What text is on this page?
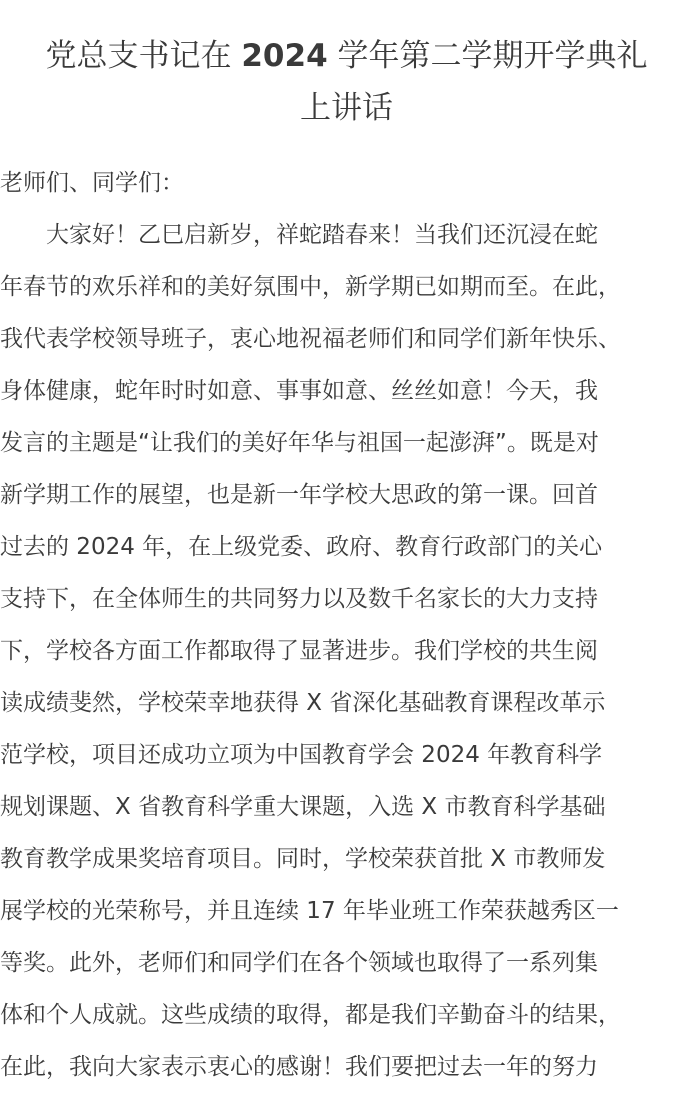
党总支书记在 2024 学年第二学期开学典礼
上讲话
老师们、同学们：
　　大家好！乙巳启新岁，祥蛇踏春来！当我们还沉浸在蛇
年春节的欢乐祥和的美好氛围中，新学期已如期而至。在此，
我代表学校领导班子，衷心地祝福老师们和同学们新年快乐、
身体健康，蛇年时时如意、事事如意、丝丝如意！今天，我
发言的主题是“让我们的美好年华与祖国一起澎湃”。既是对
新学期工作的展望，也是新一年学校大思政的第一课。回首
过去的 2024 年，在上级党委、政府、教育行政部门的关心
支持下，在全体师生的共同努力以及数千名家长的大力支持
下，学校各方面工作都取得了显著进步。我们学校的共生阅
读成绩斐然，学校荣幸地获得 X 省深化基础教育课程改革示
范学校，项目还成功立项为中国教育学会 2024 年教育科学
规划课题、X 省教育科学重大课题，入选 X 市教育科学基础
教育教学成果奖培育项目。同时，学校荣获首批 X 市教师发
展学校的光荣称号，并且连续 17 年毕业班工作荣获越秀区一
等奖。此外，老师们和同学们在各个领域也取得了一系列集
体和个人成就。这些成绩的取得，都是我们辛勤奋斗的结果，
在此，我向大家表示衷心的感谢！我们要把过去一年的努力
